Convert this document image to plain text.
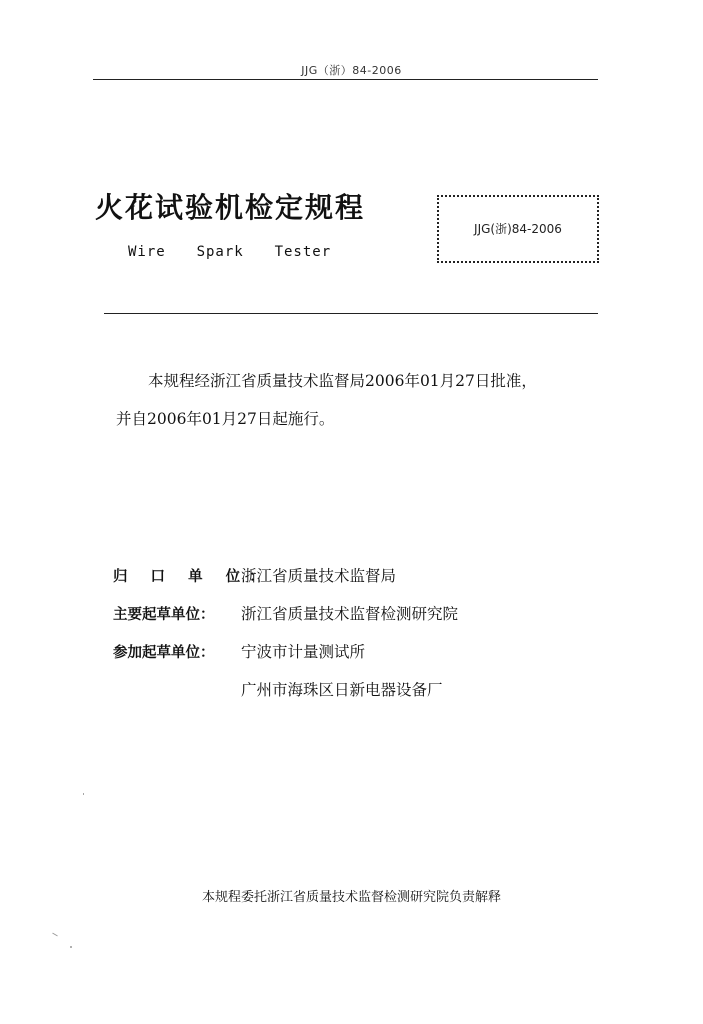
JJG（浙）84-2006
火花试验机检定规程
Wire  Spark  Tester
JJG(浙)84-2006
本规程经浙江省质量技术监督局2006年01月27日批准，
并自2006年01月27日起施行。
归 口 单 位：
浙江省质量技术监督局
主要起草单位：	浙江省质量技术监督检测研究院
参加起草单位：	宁波市计量测试所
广州市海珠区日新电器设备厂
本规程委托浙江省质量技术监督检测研究院负责解释
